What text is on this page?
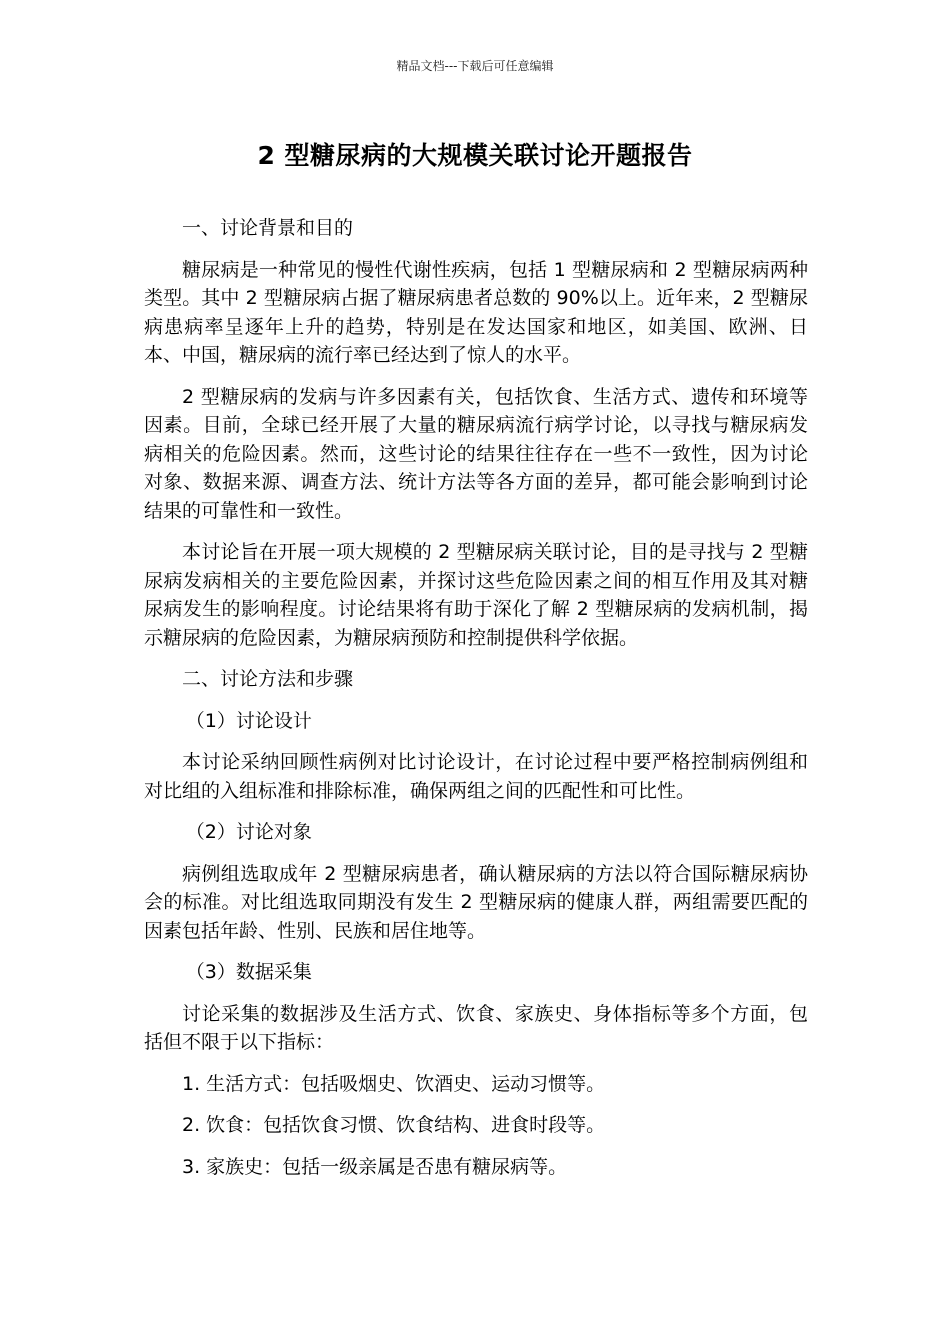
精品文档---下载后可任意编辑
2 型糖尿病的大规模关联讨论开题报告

一、讨论背景和目的

糖尿病是一种常见的慢性代谢性疾病，包括 1 型糖尿病和 2 型糖尿病两种类型。其中 2 型糖尿病占据了糖尿病患者总数的 90%以上。近年来，2 型糖尿病患病率呈逐年上升的趋势，特别是在发达国家和地区，如美国、欧洲、日本、中国，糖尿病的流行率已经达到了惊人的水平。

2 型糖尿病的发病与许多因素有关，包括饮食、生活方式、遗传和环境等因素。目前，全球已经开展了大量的糖尿病流行病学讨论，以寻找与糖尿病发病相关的危险因素。然而，这些讨论的结果往往存在一些不一致性，因为讨论对象、数据来源、调查方法、统计方法等各方面的差异，都可能会影响到讨论结果的可靠性和一致性。

本讨论旨在开展一项大规模的 2 型糖尿病关联讨论，目的是寻找与 2 型糖尿病发病相关的主要危险因素，并探讨这些危险因素之间的相互作用及其对糖尿病发生的影响程度。讨论结果将有助于深化了解 2 型糖尿病的发病机制，揭示糖尿病的危险因素，为糖尿病预防和控制提供科学依据。

二、讨论方法和步骤

（1）讨论设计

本讨论采纳回顾性病例对比讨论设计，在讨论过程中要严格控制病例组和对比组的入组标准和排除标准，确保两组之间的匹配性和可比性。

（2）讨论对象

病例组选取成年 2 型糖尿病患者，确认糖尿病的方法以符合国际糖尿病协会的标准。对比组选取同期没有发生 2 型糖尿病的健康人群，两组需要匹配的因素包括年龄、性别、民族和居住地等。

（3）数据采集

讨论采集的数据涉及生活方式、饮食、家族史、身体指标等多个方面，包括但不限于以下指标：

1. 生活方式：包括吸烟史、饮酒史、运动习惯等。

2. 饮食：包括饮食习惯、饮食结构、进食时段等。

3. 家族史：包括一级亲属是否患有糖尿病等。
